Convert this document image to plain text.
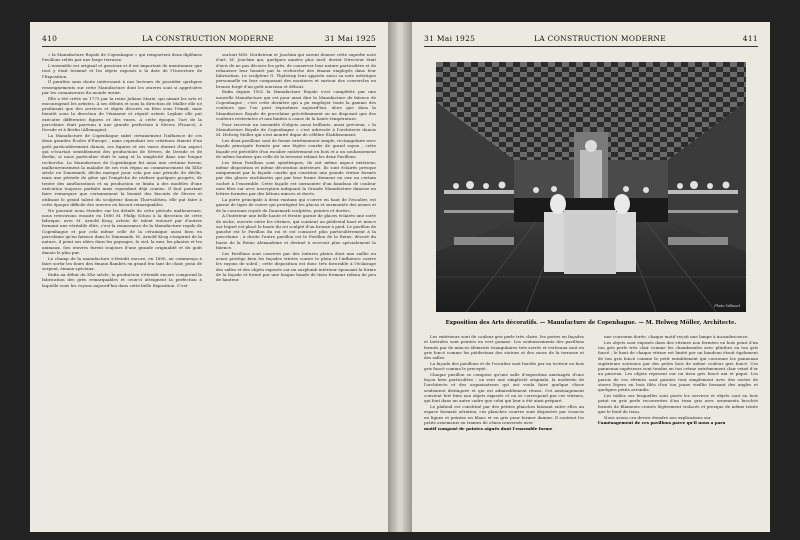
410	LA CONSTRUCTION MODERNE	31 Mai 1925

« la Manufacture Royale de Copenhague » qui remportent deux diplômes Pavillons reliés par une large terrasse.

L'ensemble est original et gracieux et il est important de mentionner que tout y était terminé et les objets exposés à la date de l'Ouverture de l'Exposition.

Il paraîtra sans doute intéressant à nos lecteurs de posséder quelques renseignements sur cette Manufacture dont les œuvres sont si appréciées par les connaisseurs du monde entier.

Elle a été créée en 1775 par la reine Juliane Marie, qui aimait les arts et encourageait les artistes. A ses débuts et sous la direction de Muller elle ne produisait que des services et objets décorés en bleu sous l'émail, mais bientôt sous la direction de l'éminent et réputé artiste Leplaie elle put exécuter différentes figures et des vases. A cette époque, l'art de la porcelaine était parvenu à une grande perfection à Sèvres (France), à Dresde et à Berlin (Allemagne).

La Manufacture de Copenhague subit certainement l'influence de ces deux grandes Écoles d'Europe ; mais cependant ses créations étaient d'un goût particulièrement danois, ses figures et ses vases étaient d'un aspect qui s'écartait sensiblement des productions de Sèvres, de Dresde et de Berlin, si nous particulier était le sang et la simplicité dans une longue recherche. La Manufacture de Copenhague fut ainsi une certaine faveur, malheureusement la maladie de ses rois régna au commencement du XIXe siècle en Danemark, déclin marqué pour cela par une période de déclin, mais une période de gêne qui l'empêcha de réaliser quelques progrès, de tenter des améliorations et sa production se limita à des modèles d'une exécution toujours parfaite mais cependant déjà connus. Il faut pourtant faire remarquer que certainement la beauté des biscuits de Sèvres et utilisant le grand talent du sculpteur danois Thorvaldsen, elle put faire à cette époque difficile des œuvres en biscuit remarquables.

Ne pouvant nous étendre sur les détails de cette période malheureuse, nous retrouvons ensuite en 1880 M. Philip Schou à la direction de cette fabrique, avec M. Arnold Krog, artiste de talent entouré par d'autres formant une véritable élite, c'est la renaissance de la Manufacture royale de Copenhague et par cela même celle de la céramique aussi bien en porcelaine qu'en faïence dans le Danemark. M. Arnold Krog s'inspirait de la nature, il peint ses idées dans les paysages, le ciel, la mer, les plantes et les animaux. Ses œuvres furent toujours d'une grande originalité et du goût danois le plus pur.

Le champ de la manufacture s'étendit encore, en 1890, on commença à faire sortir les fours des émaux flambés en grand feu tant de chair, peau de serpent, émaux spéciaux.

Enfin au début du XXe siècle, la production s'étendit encore comprend la fabrication des grès remarquables et ceux-ci atteignent la perfection à laquelle vous les voyons aujourd'hui dans cette belle Exposition. C'est

surtout MM. Nordstrom et Joachim qui surent donner cette superbe note d'art. M. Joachim qui, quelques années plus tard, devint Directeur était d'avis de ne pas décorer les grès, de conserver leur nature particulière et de rehausser leur beauté par la recherche des émaux employés dans leur fabrication. Le sculpteur G. Thylstrup leur apporta aussi sa note artistique personnelle en leur composant des montures et surtout des couvercles en bronze forgé d'un goût nouveau et délicat.

Enfin depuis 1902 la Manufacture Royale s'est complétée par une nouvelle Manufacture qui est pour ainsi dire la Manufacture de faïence de Copenhague ; c'est cette dernière qui a pu employer toute la gamme des couleurs que l'on peut reproduire aujourd'hui, alors que dans la Manufacture Royale de porcelaine précédemment on ne disposait que des couleurs restreintes et aux limites à cause de la haute température.

Pour recevoir un ensemble d'objets aussi brillants, aussi précieux, « la Manufacture Royale de Copenhague » s'est adressée à l'architecte danois M. Helweg Moller qui s'est montré digne de célèbre Établissement.

Les deux pavillons sont de forme extrêmement simple, rectangulaire avec façade principale formée par une légère courbe de grand rayon ; cette façade est précédée d'un escalier entièrement en bois et a un soubassement de même hauteur que celle de la terrasse reliant les deux Pavillons.

Les deux Pavillons sont symétriques, ils ont même aspect extérieur, même disposition et même décoration intérieure. Ils sont éclairés presque uniquement par la façade courbe qui constitue une grande vitrine formée par des glaces enchâssées qui par leur forme donnent en eux un certain cachet à l'ensemble. Cette façade est surmontée d'un bandeau de couleur unie bleu sur avec inscription indiquant la Grande Manufacture danoise en lettres formées par des bâtons minces et dorés.

La porte principale à deux vantaux qui s'ouvre en haut de l'escalier, est garnie de tiges de cuivre qui protègent les glaces et surmontée des armes et de la couronne royale de Danemark sculptées, peintes et dorées.

A l'intérieur une belle haute et étroite garnie de glaces éclairés une sorte de niche, ouverte entre les vitrines, qui contient un piédestal haut et mince sur lequel est placé le buste du roi sculpté d'un bronze à pied. Le pavillon de gauche est le Pavillon du roi et est consacré plus particulièrement à la porcelaine ; à droite l'autre pavillon est le Pavillon de la Reine, décoré du buste de la Reine Alexandrine et destiné à recevoir plus spécialement la faïence.

Les Pavillons sont couverts par des toitures plates dont une saillie en avant protège bien les façades vitrées contre le plein et l'influence contre les rayons de soleil ; cette disposition est donc très favorable à l'éclairage des salles et des objets exposés car un surplomb intérieur épousant la forme de la façade et formé par une longue bande de tissu formant rideau de peu de hauteur.

31 Mai 1925	LA CONSTRUCTION MODERNE	411
Photo Vallanet
Exposition des Arts décoratifs. — Manufacture de Copenhague. — M. Helweg Möller, Architecte.

Les extérieurs sont de couleur gris perle très claire, les portes en façades et latérales sont peintes en vert gomme. Les soubassements des pavillons formés par de minces éléments triangulaires très serrés et verticaux sont en gris foncé comme les piédestaux des statues et des vases de la terrasse et des salles.

La façade des pavillons et de l'escalier sont bordés par un trottoir en bois gris foncé comme le precepté.

Chaque pavillon se compose qu'une salle d'exposition aménagée d'une façon bien particulière : on sent une simplicité originale, la modestie de l'architecte et des organisateurs qui ont voulu faire quelque chose seulement distinguée et qui est admirablement réussi. Cet aménagement convient fort bien aux objets exposés et on se correspond par ces vitrines, qui font dans un autre cadre que celui qui leur a été ainsi préparé.

Le plafond est constitué par des petites planches laissant entre elles un espace formant aération, ces planches courtes sont disposées par rosaces en lignes et peintes en blanc et en gris pour former damier. Il soutient les petits ornements en trames de cônes renversés avec

motif composé de pointes aiguës dont l'ensemble forme

une couronne dorée, chaque motif reçoit une lampe à incandescence.

Les objets sont exposés dans des vitrines non fermées en bois peint d'un ton gris perle très clair comme les chambranles avec plinthes en ton gris foncé ; le haut de chaque vitrine est limité par un bandeau étroit également de ton gris foncé comme le petit entablement qui couronne les panneaux supérieurs soutenus par des petits bois de même couleur gris foncé. Ces panneaux supérieurs sont tendus en ton crème extrêmement clair veiné d'or au pinceau. Les objets reposent sur un tissu gris foncé uni et piqué. Les parois de ces vitrines sont garnies tout simplement avec des sortes de stores légers en bois filés d'un ton jaune vieillie formant des angles et quelques petits arrondis.

Les tables sur lesquelles sont posés les services et objets sont en bois peint en gris perle recouvertes d'un tissu gris avec ornements brochés formés de filaments croisés légèrement violacés et presque de même teinte que le fond du tissu.

Nous avons cru devoir étendre nos explications sur

l'aménagement de ces pavillons parce qu'il nous a paru
